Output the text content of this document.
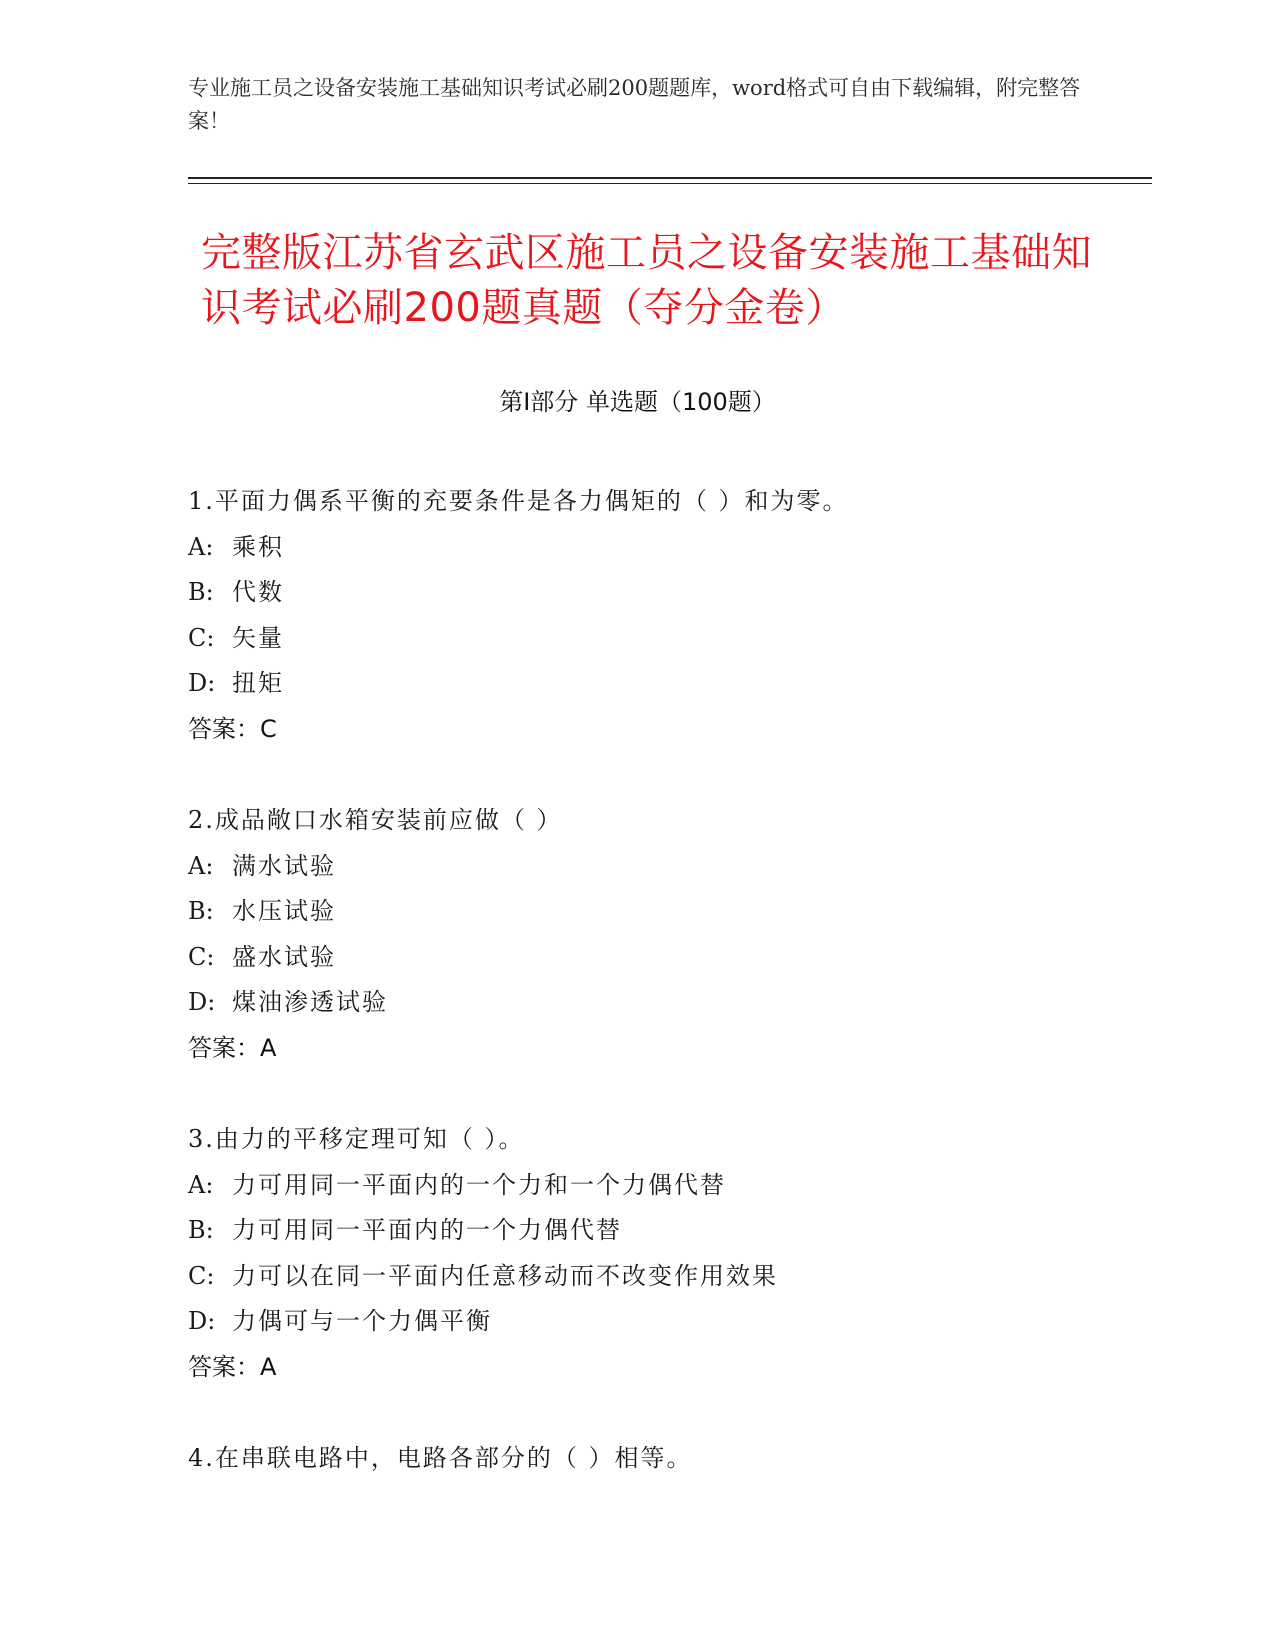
专业施工员之设备安装施工基础知识考试必刷200题题库，word格式可自由下载编辑，附完整答案！
完整版江苏省玄武区施工员之设备安装施工基础知识考试必刷200题真题（夺分金卷）
第Ⅰ部分 单选题（100题）
1.平面力偶系平衡的充要条件是各力偶矩的（ ）和为零。
A: 乘积
B: 代数
C: 矢量
D: 扭矩
答案：C
2.成品敞口水箱安装前应做（ ）
A: 满水试验
B: 水压试验
C: 盛水试验
D: 煤油渗透试验
答案：A
3.由力的平移定理可知（ ）。
A: 力可用同一平面内的一个力和一个力偶代替
B: 力可用同一平面内的一个力偶代替
C: 力可以在同一平面内任意移动而不改变作用效果
D: 力偶可与一个力偶平衡
答案：A
4.在串联电路中，电路各部分的（ ）相等。
